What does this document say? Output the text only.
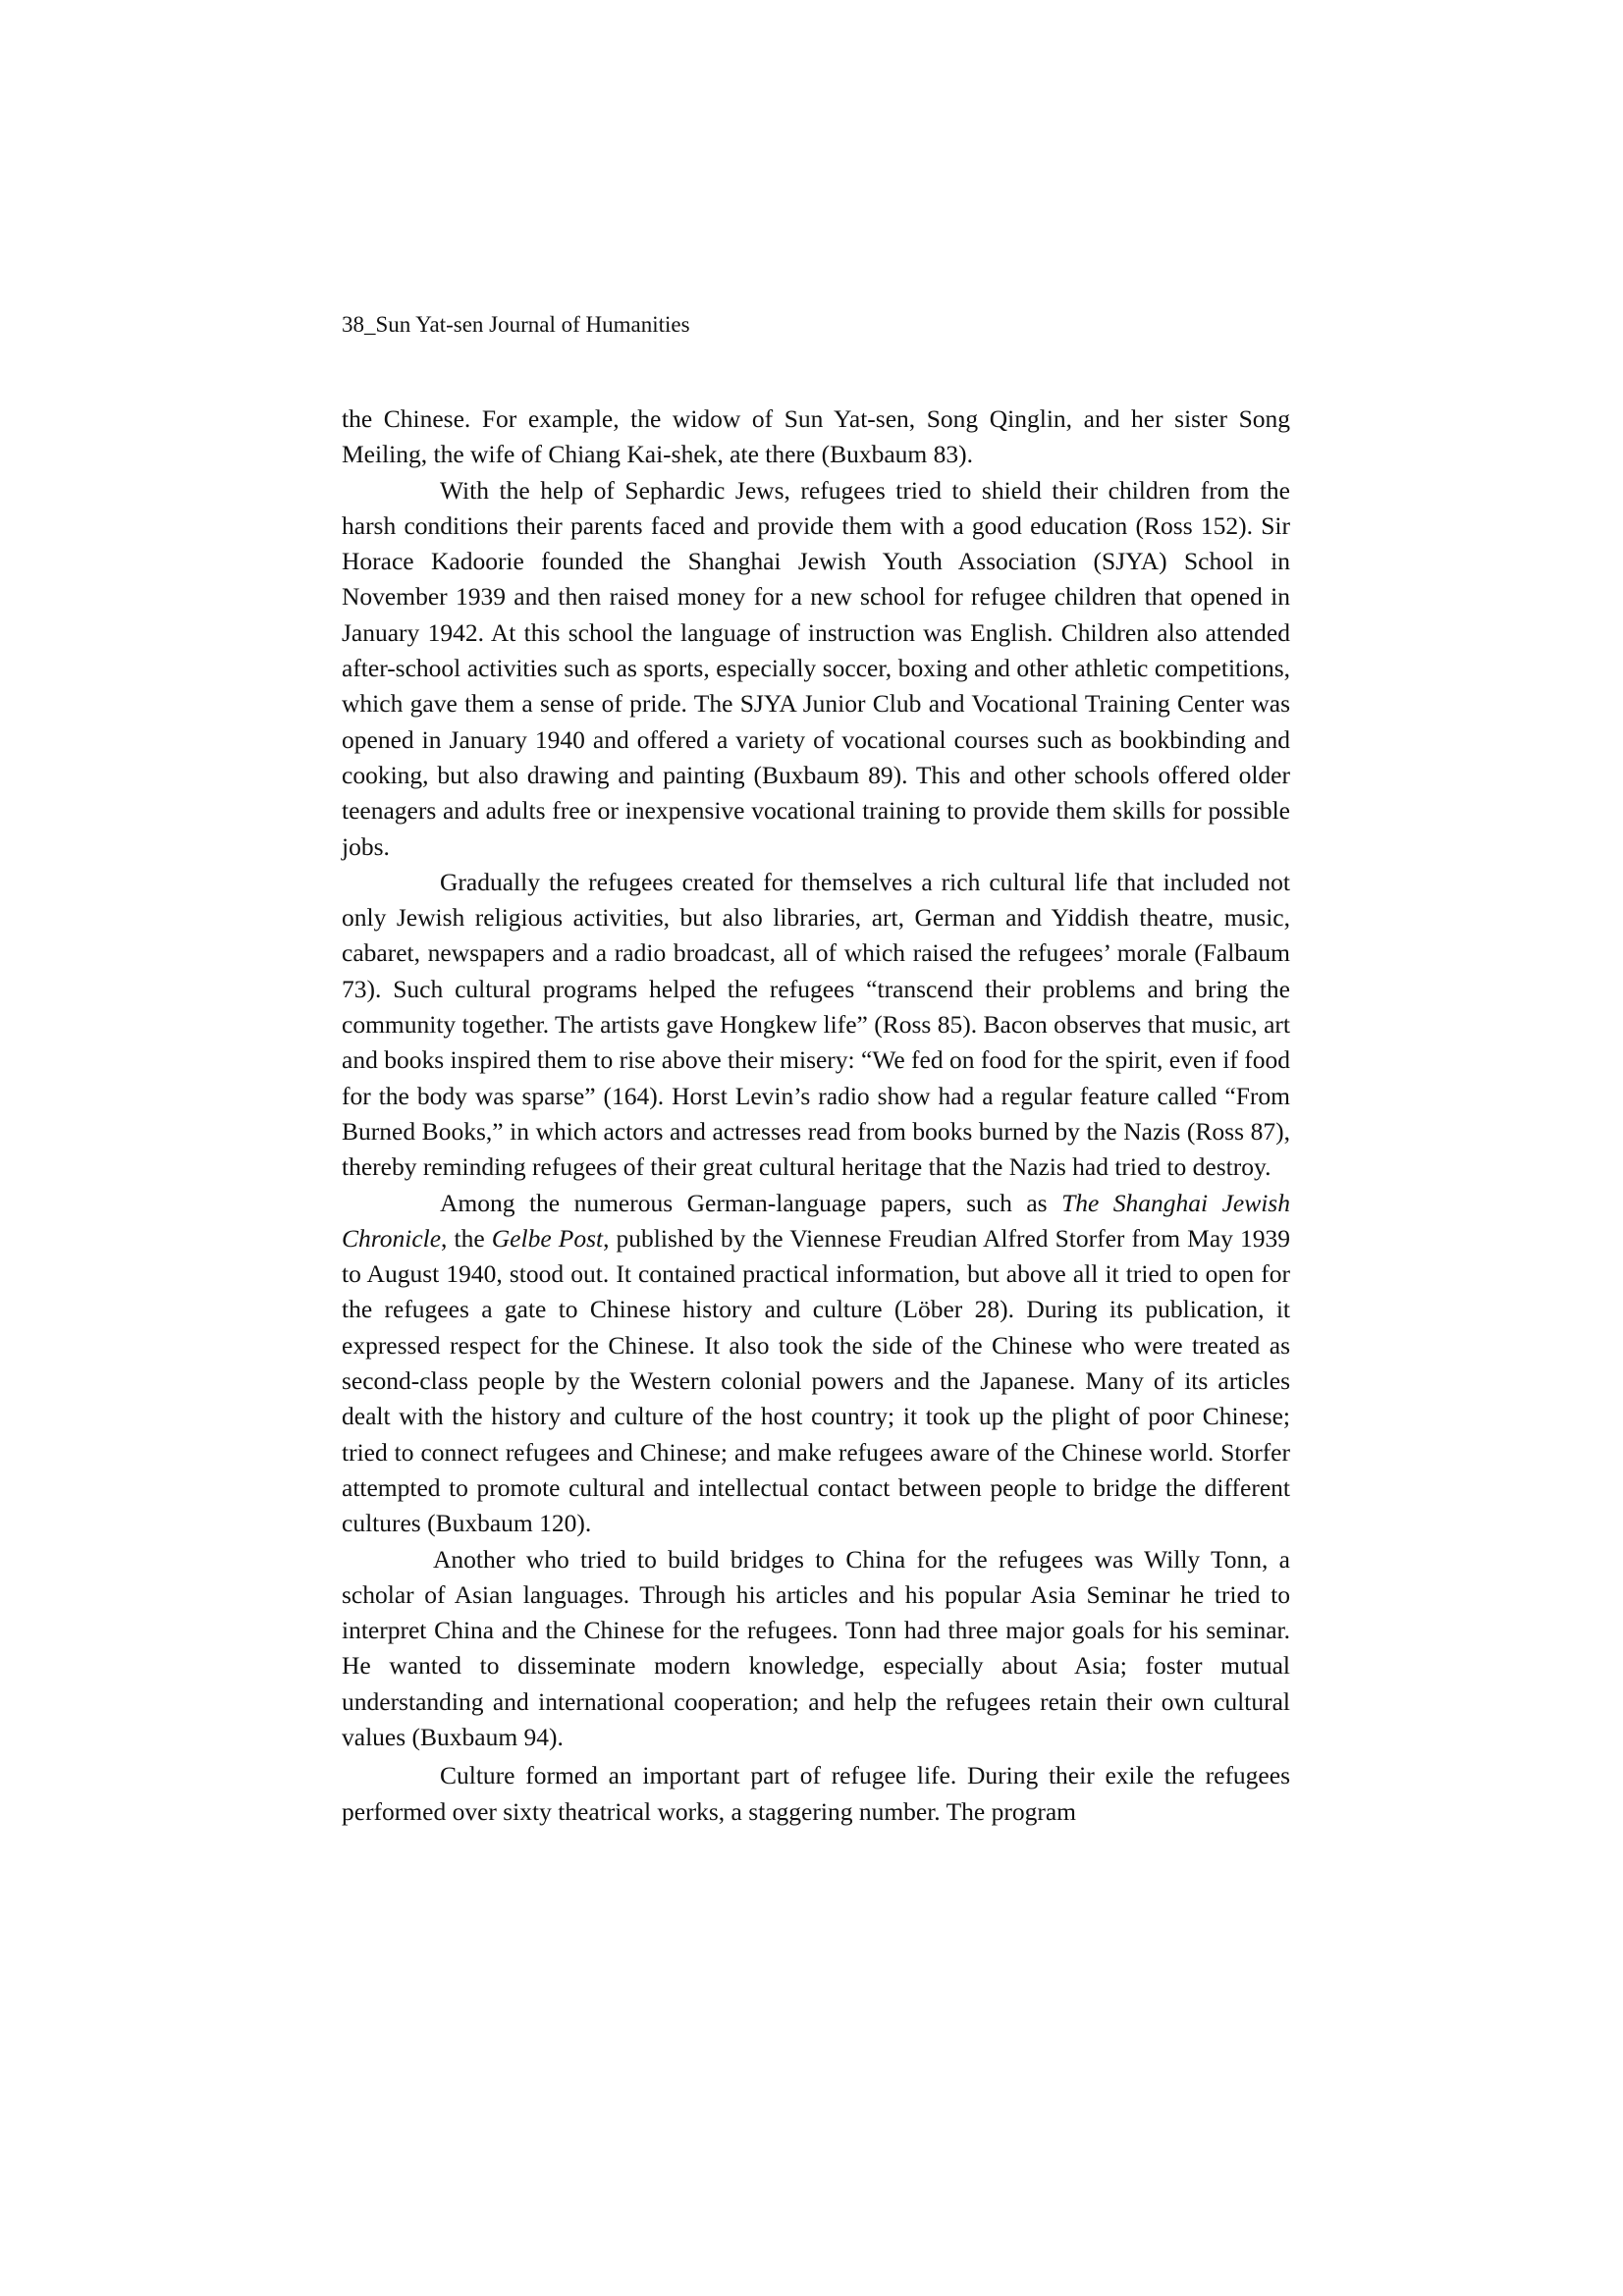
38_Sun Yat-sen Journal of Humanities

the Chinese. For example, the widow of Sun Yat-sen, Song Qinglin, and her sister Song Meiling, the wife of Chiang Kai-shek, ate there (Buxbaum 83).

With the help of Sephardic Jews, refugees tried to shield their children from the harsh conditions their parents faced and provide them with a good education (Ross 152). Sir Horace Kadoorie founded the Shanghai Jewish Youth Association (SJYA) School in November 1939 and then raised money for a new school for refugee children that opened in January 1942. At this school the language of instruction was English. Children also attended after-school activities such as sports, especially soccer, boxing and other athletic competitions, which gave them a sense of pride. The SJYA Junior Club and Vocational Training Center was opened in January 1940 and offered a variety of vocational courses such as bookbinding and cooking, but also drawing and painting (Buxbaum 89). This and other schools offered older teenagers and adults free or inexpensive vocational training to provide them skills for possible jobs.

Gradually the refugees created for themselves a rich cultural life that included not only Jewish religious activities, but also libraries, art, German and Yiddish theatre, music, cabaret, newspapers and a radio broadcast, all of which raised the refugees’ morale (Falbaum 73). Such cultural programs helped the refugees “transcend their problems and bring the community together. The artists gave Hongkew life” (Ross 85). Bacon observes that music, art and books inspired them to rise above their misery: “We fed on food for the spirit, even if food for the body was sparse” (164). Horst Levin’s radio show had a regular feature called “From Burned Books,” in which actors and actresses read from books burned by the Nazis (Ross 87), thereby reminding refugees of their great cultural heritage that the Nazis had tried to destroy.

Among the numerous German-language papers, such as The Shanghai Jewish Chronicle, the Gelbe Post, published by the Viennese Freudian Alfred Storfer from May 1939 to August 1940, stood out. It contained practical information, but above all it tried to open for the refugees a gate to Chinese history and culture (Löber 28). During its publication, it expressed respect for the Chinese. It also took the side of the Chinese who were treated as second-class people by the Western colonial powers and the Japanese. Many of its articles dealt with the history and culture of the host country; it took up the plight of poor Chinese; tried to connect refugees and Chinese; and make refugees aware of the Chinese world. Storfer attempted to promote cultural and intellectual contact between people to bridge the different cultures (Buxbaum 120).

Another who tried to build bridges to China for the refugees was Willy Tonn, a scholar of Asian languages. Through his articles and his popular Asia Seminar he tried to interpret China and the Chinese for the refugees. Tonn had three major goals for his seminar. He wanted to disseminate modern knowledge, especially about Asia; foster mutual understanding and international cooperation; and help the refugees retain their own cultural values (Buxbaum 94).

Culture formed an important part of refugee life. During their exile the refugees performed over sixty theatrical works, a staggering number. The program
